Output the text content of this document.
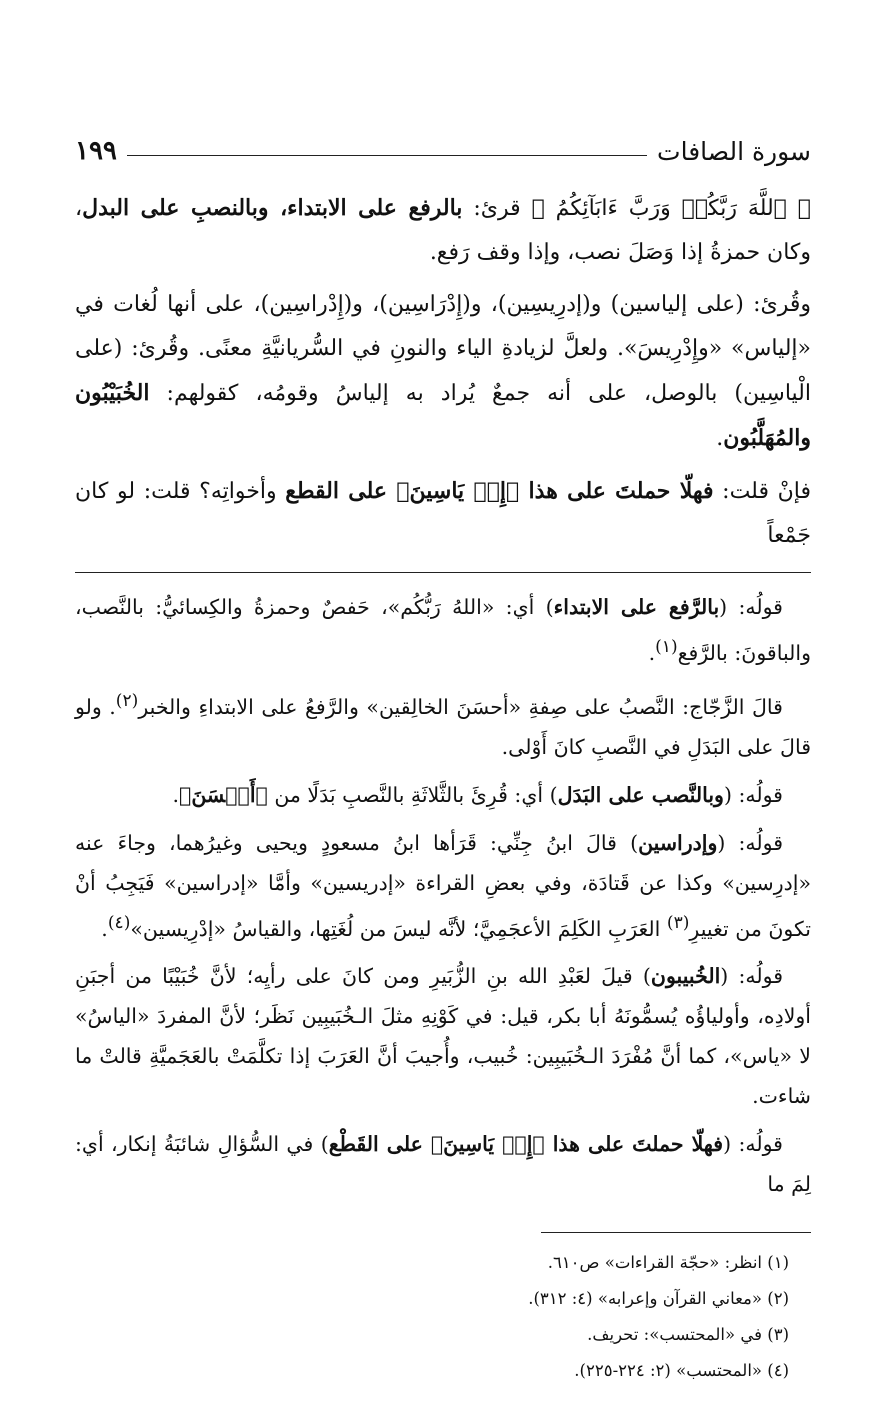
سورة الصافات
١٩٩

﴿ ٱللَّهَ رَبَّكُمۡ وَرَبَّ ءَابَآئِكُمُ ﴾ قرئ: بالرفع على الابتداء، وبالنصبِ على البدل، وكان حمزةُ إذا وَصَلَ نصب، وإذا وقف رَفع.

وقُرئ: (على إلياسين) و(إدرِيسِين)، و(إِدْرَاسِين)، و(إِدْراسِين)، على أنها لُغات في «إلياس» «وإِدْرِيسَ». ولعلَّ لزيادةِ الياء والنونِ في السُّريانيَّةِ معنًى. وقُرئ: (على الْياسِين) بالوصل، على أنه جمعٌ يُراد به إلياسُ وقومُه، كقولهم: الخُبَيْبُون والمُهَلَّبُون.

فإنْ قلت: فهلّا حملتَ على هذا ﴿إِلۡ يَاسِينَ﴾ على القطع وأخواتِه؟ قلت: لو كان جَمْعاً

قولُه: (بالرَّفع على الابتداء) أي: «اللهُ رَبُّكُم»، حَفصٌ وحمزةُ والكِسائيُّ: بالنَّصب، والباقونَ: بالرَّفع$^{(١)}$.

قالَ الزَّجّاج: النَّصبُ على صِفةِ «أحسَنَ الخالِقين» والرَّفعُ على الابتداءِ والخبر$^{(٢)}$. ولو قالَ على البَدَلِ في النَّصبِ كانَ أَوْلى.

قولُه: (وبالنَّصب على البَدَل) أي: قُرِئَ بالثَّلاثَةِ بالنَّصبِ بَدَلًا من ﴿أَحۡسَنَ﴾.

قولُه: (وإدراسين) قالَ ابنُ جِنِّي: قَرَأها ابنُ مسعودٍ ويحيى وغيرُهما، وجاءَ عنه «إدرِسين» وكذا عن قَتادَة، وفي بعضِ القراءة «إدريسين» وأمَّا «إدراسين» فَيَجِبُ أنْ تكونَ من تغييرِ$^{(٣)}$ العَرَبِ الكَلِمَ الأعجَمِيَّ؛ لأنَّه ليسَ من لُغَتِها، والقياسُ «إدْرِيسين»$^{(٤)}$.

قولُه: (الخُبيبون) قيلَ لعَبْدِ الله بنِ الزُّبَيرِ ومن كانَ على رأيِه؛ لأنَّ خُبَيْبًا من أجبَنِ أولادِه، وأولياؤُه يُسمُّونَهُ أبا بكر، قيل: في كَوْنِهِ مثلَ الـخُبَيبِين نَظَر؛ لأنَّ المفردَ «الياسُ» لا «ياس»، كما أنَّ مُفْرَدَ الـخُبَيبِين: خُبيب، وأُجيبَ أنَّ العَرَبَ إذا تكلَّمَتْ بالعَجَميَّةِ قالتْ ما شاءت.

قولُه: (فهلّا حملتَ على هذا ﴿إِلۡ يَاسِينَ﴾ على القَطْع) في السُّؤالِ شائبَةُ إنكار، أي: لِمَ ما

(١) انظر: «حجّة القراءات» ص٦١٠.

(٢) «معاني القرآن وإعرابه» (٤: ٣١٢).

(٣) في «المحتسب»: تحريف.

(٤) «المحتسب» (٢: ٢٢٤-٢٢٥).
